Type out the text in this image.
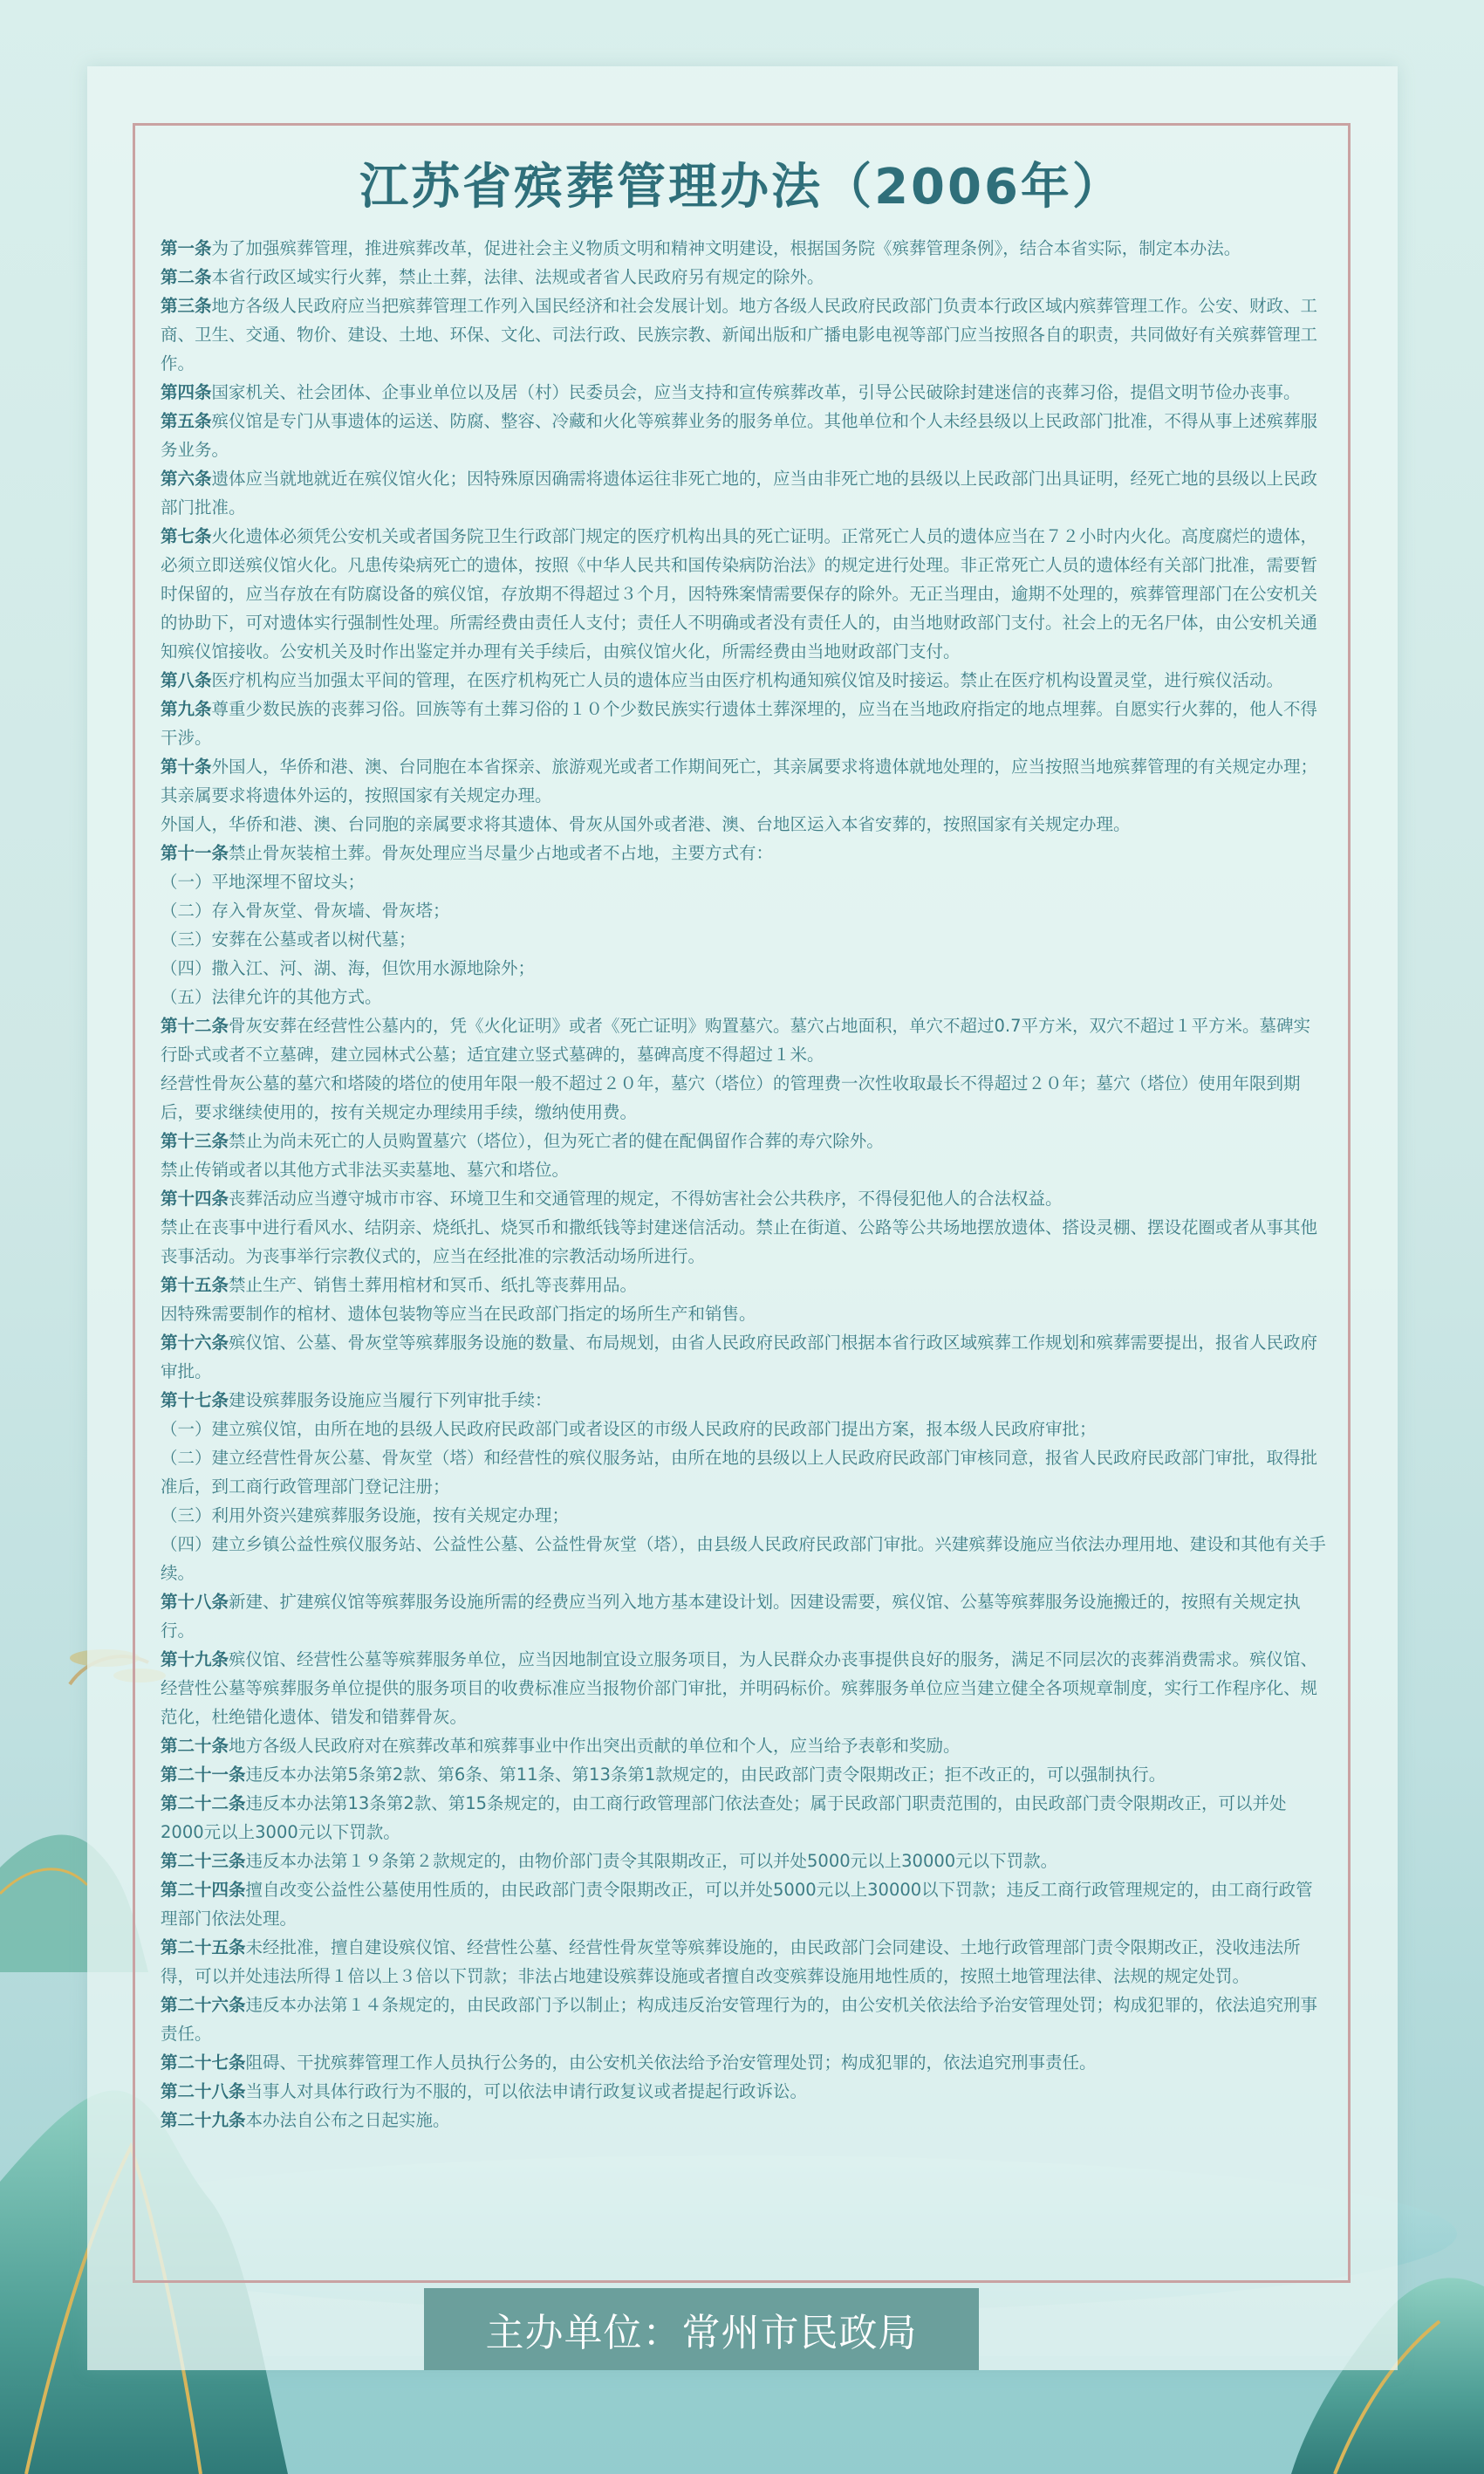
江苏省殡葬管理办法（2006年）

第一条为了加强殡葬管理，推进殡葬改革，促进社会主义物质文明和精神文明建设，根据国务院《殡葬管理条例》，结合本省实际，制定本办法。

第二条本省行政区域实行火葬，禁止土葬，法律、法规或者省人民政府另有规定的除外。

第三条地方各级人民政府应当把殡葬管理工作列入国民经济和社会发展计划。地方各级人民政府民政部门负责本行政区域内殡葬管理工作。公安、财政、工商、卫生、交通、物价、建设、土地、环保、文化、司法行政、民族宗教、新闻出版和广播电影电视等部门应当按照各自的职责，共同做好有关殡葬管理工作。

第四条国家机关、社会团体、企事业单位以及居（村）民委员会，应当支持和宣传殡葬改革，引导公民破除封建迷信的丧葬习俗，提倡文明节俭办丧事。

第五条殡仪馆是专门从事遗体的运送、防腐、整容、冷藏和火化等殡葬业务的服务单位。其他单位和个人未经县级以上民政部门批准，不得从事上述殡葬服务业务。

第六条遗体应当就地就近在殡仪馆火化；因特殊原因确需将遗体运往非死亡地的，应当由非死亡地的县级以上民政部门出具证明，经死亡地的县级以上民政部门批准。

第七条火化遗体必须凭公安机关或者国务院卫生行政部门规定的医疗机构出具的死亡证明。正常死亡人员的遗体应当在７２小时内火化。高度腐烂的遗体，必须立即送殡仪馆火化。凡患传染病死亡的遗体，按照《中华人民共和国传染病防治法》的规定进行处理。非正常死亡人员的遗体经有关部门批准，需要暂时保留的，应当存放在有防腐设备的殡仪馆，存放期不得超过３个月，因特殊案情需要保存的除外。无正当理由，逾期不处理的，殡葬管理部门在公安机关的协助下，可对遗体实行强制性处理。所需经费由责任人支付；责任人不明确或者没有责任人的，由当地财政部门支付。社会上的无名尸体，由公安机关通知殡仪馆接收。公安机关及时作出鉴定并办理有关手续后，由殡仪馆火化，所需经费由当地财政部门支付。

第八条医疗机构应当加强太平间的管理，在医疗机构死亡人员的遗体应当由医疗机构通知殡仪馆及时接运。禁止在医疗机构设置灵堂，进行殡仪活动。

第九条尊重少数民族的丧葬习俗。回族等有土葬习俗的１０个少数民族实行遗体土葬深埋的，应当在当地政府指定的地点埋葬。自愿实行火葬的，他人不得干涉。

第十条外国人，华侨和港、澳、台同胞在本省探亲、旅游观光或者工作期间死亡，其亲属要求将遗体就地处理的，应当按照当地殡葬管理的有关规定办理；其亲属要求将遗体外运的，按照国家有关规定办理。

外国人，华侨和港、澳、台同胞的亲属要求将其遗体、骨灰从国外或者港、澳、台地区运入本省安葬的，按照国家有关规定办理。

第十一条禁止骨灰装棺土葬。骨灰处理应当尽量少占地或者不占地，主要方式有：

（一）平地深埋不留坟头；

（二）存入骨灰堂、骨灰墙、骨灰塔；

（三）安葬在公墓或者以树代墓；

（四）撒入江、河、湖、海，但饮用水源地除外；

（五）法律允许的其他方式。

第十二条骨灰安葬在经营性公墓内的，凭《火化证明》或者《死亡证明》购置墓穴。墓穴占地面积，单穴不超过0.7平方米，双穴不超过１平方米。墓碑实行卧式或者不立墓碑，建立园林式公墓；适宜建立竖式墓碑的，墓碑高度不得超过１米。

经营性骨灰公墓的墓穴和塔陵的塔位的使用年限一般不超过２０年，墓穴（塔位）的管理费一次性收取最长不得超过２０年；墓穴（塔位）使用年限到期后，要求继续使用的，按有关规定办理续用手续，缴纳使用费。

第十三条禁止为尚未死亡的人员购置墓穴（塔位），但为死亡者的健在配偶留作合葬的寿穴除外。

禁止传销或者以其他方式非法买卖墓地、墓穴和塔位。

第十四条丧葬活动应当遵守城市市容、环境卫生和交通管理的规定，不得妨害社会公共秩序，不得侵犯他人的合法权益。

禁止在丧事中进行看风水、结阴亲、烧纸扎、烧冥币和撒纸钱等封建迷信活动。禁止在街道、公路等公共场地摆放遗体、搭设灵棚、摆设花圈或者从事其他丧事活动。为丧事举行宗教仪式的，应当在经批准的宗教活动场所进行。

第十五条禁止生产、销售土葬用棺材和冥币、纸扎等丧葬用品。

因特殊需要制作的棺材、遗体包装物等应当在民政部门指定的场所生产和销售。

第十六条殡仪馆、公墓、骨灰堂等殡葬服务设施的数量、布局规划，由省人民政府民政部门根据本省行政区域殡葬工作规划和殡葬需要提出，报省人民政府审批。

第十七条建设殡葬服务设施应当履行下列审批手续：

（一）建立殡仪馆，由所在地的县级人民政府民政部门或者设区的市级人民政府的民政部门提出方案，报本级人民政府审批；

（二）建立经营性骨灰公墓、骨灰堂（塔）和经营性的殡仪服务站，由所在地的县级以上人民政府民政部门审核同意，报省人民政府民政部门审批，取得批准后，到工商行政管理部门登记注册；

（三）利用外资兴建殡葬服务设施，按有关规定办理；

（四）建立乡镇公益性殡仪服务站、公益性公墓、公益性骨灰堂（塔），由县级人民政府民政部门审批。兴建殡葬设施应当依法办理用地、建设和其他有关手续。

第十八条新建、扩建殡仪馆等殡葬服务设施所需的经费应当列入地方基本建设计划。因建设需要，殡仪馆、公墓等殡葬服务设施搬迁的，按照有关规定执行。

第十九条殡仪馆、经营性公墓等殡葬服务单位，应当因地制宜设立服务项目，为人民群众办丧事提供良好的服务，满足不同层次的丧葬消费需求。殡仪馆、经营性公墓等殡葬服务单位提供的服务项目的收费标准应当报物价部门审批，并明码标价。殡葬服务单位应当建立健全各项规章制度，实行工作程序化、规范化，杜绝错化遗体、错发和错葬骨灰。

第二十条地方各级人民政府对在殡葬改革和殡葬事业中作出突出贡献的单位和个人，应当给予表彰和奖励。

第二十一条违反本办法第5条第2款、第6条、第11条、第13条第1款规定的，由民政部门责令限期改正；拒不改正的，可以强制执行。

第二十二条违反本办法第13条第2款、第15条规定的，由工商行政管理部门依法查处；属于民政部门职责范围的，由民政部门责令限期改正，可以并处2000元以上3000元以下罚款。

第二十三条违反本办法第１９条第２款规定的，由物价部门责令其限期改正，可以并处5000元以上30000元以下罚款。

第二十四条擅自改变公益性公墓使用性质的，由民政部门责令限期改正，可以并处5000元以上30000以下罚款；违反工商行政管理规定的，由工商行政管理部门依法处理。

第二十五条未经批准，擅自建设殡仪馆、经营性公墓、经营性骨灰堂等殡葬设施的，由民政部门会同建设、土地行政管理部门责令限期改正，没收违法所得，可以并处违法所得１倍以上３倍以下罚款；非法占地建设殡葬设施或者擅自改变殡葬设施用地性质的，按照土地管理法律、法规的规定处罚。

第二十六条违反本办法第１４条规定的，由民政部门予以制止；构成违反治安管理行为的，由公安机关依法给予治安管理处罚；构成犯罪的，依法追究刑事责任。

第二十七条阻碍、干扰殡葬管理工作人员执行公务的，由公安机关依法给予治安管理处罚；构成犯罪的，依法追究刑事责任。

第二十八条当事人对具体行政行为不服的，可以依法申请行政复议或者提起行政诉讼。

第二十九条本办法自公布之日起实施。

主办单位：常州市民政局
